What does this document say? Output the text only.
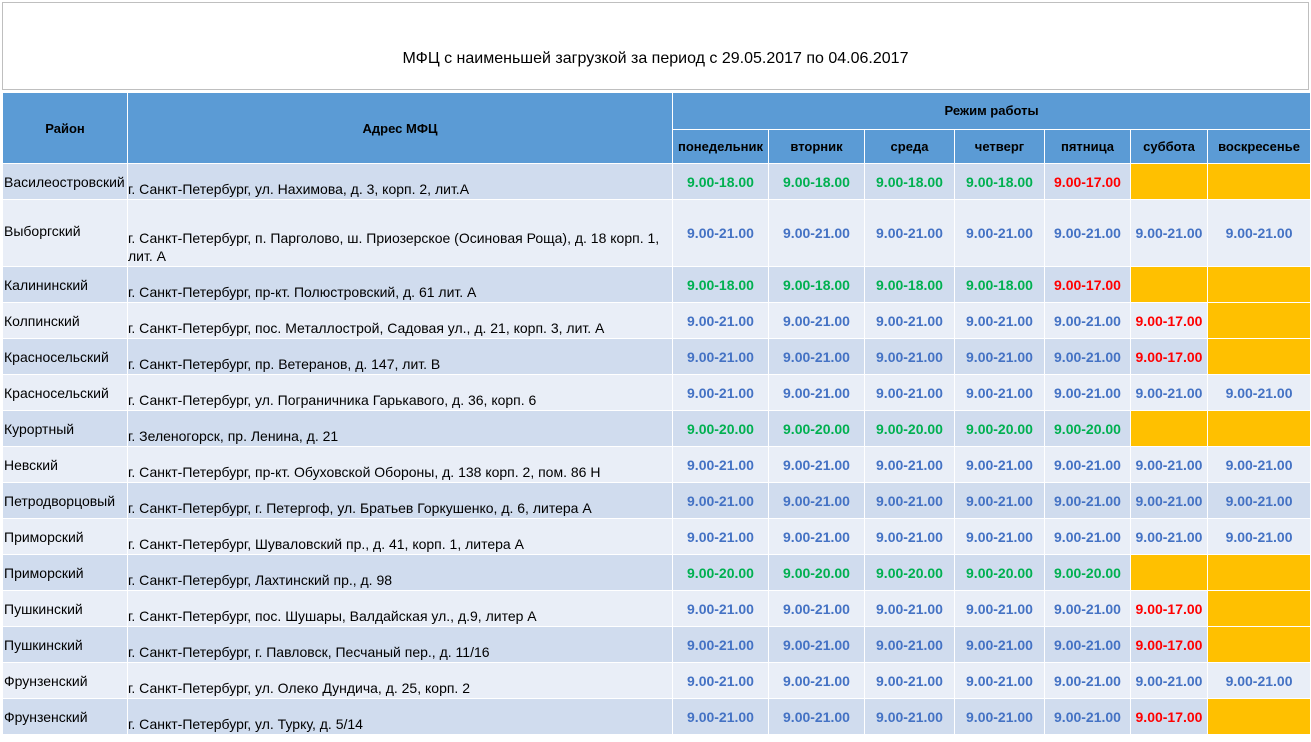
МФЦ с наименьшей загрузкой за период с 29.05.2017 по 04.06.2017
Район	Адрес МФЦ	Режим работы						
		понедельник	вторник	среда	четверг	пятница	суббота	воскресенье
Василеостровский	г. Санкт-Петербург, ул. Нахимова, д. 3, корп. 2, лит.А	9.00-18.00	9.00-18.00	9.00-18.00	9.00-18.00	9.00-17.00		
Выборгский	г. Санкт-Петербург, п. Парголово, ш. Приозерское (Осиновая Роща), д. 18 корп. 1, лит. А	9.00-21.00	9.00-21.00	9.00-21.00	9.00-21.00	9.00-21.00	9.00-21.00	9.00-21.00
Калининский	г. Санкт-Петербург, пр-кт. Полюстровский, д. 61 лит. А	9.00-18.00	9.00-18.00	9.00-18.00	9.00-18.00	9.00-17.00		
Колпинский	г. Санкт-Петербург, пос. Металлострой, Садовая ул., д. 21, корп. 3, лит. А	9.00-21.00	9.00-21.00	9.00-21.00	9.00-21.00	9.00-21.00	9.00-17.00	
Красносельский	г. Санкт-Петербург, пр. Ветеранов, д. 147, лит. В	9.00-21.00	9.00-21.00	9.00-21.00	9.00-21.00	9.00-21.00	9.00-17.00	
Красносельский	г. Санкт-Петербург, ул. Пограничника Гарькавого, д. 36, корп. 6	9.00-21.00	9.00-21.00	9.00-21.00	9.00-21.00	9.00-21.00	9.00-21.00	9.00-21.00
Курортный	г. Зеленогорск, пр. Ленина, д. 21	9.00-20.00	9.00-20.00	9.00-20.00	9.00-20.00	9.00-20.00		
Невский	г. Санкт-Петербург, пр-кт. Обуховской Обороны, д. 138 корп. 2, пом. 86 Н	9.00-21.00	9.00-21.00	9.00-21.00	9.00-21.00	9.00-21.00	9.00-21.00	9.00-21.00
Петродворцовый	г. Санкт-Петербург, г. Петергоф, ул. Братьев Горкушенко, д. 6, литера А	9.00-21.00	9.00-21.00	9.00-21.00	9.00-21.00	9.00-21.00	9.00-21.00	9.00-21.00
Приморский	г. Санкт-Петербург, Шуваловский пр., д. 41, корп. 1, литера А	9.00-21.00	9.00-21.00	9.00-21.00	9.00-21.00	9.00-21.00	9.00-21.00	9.00-21.00
Приморский	г. Санкт-Петербург, Лахтинский пр., д. 98	9.00-20.00	9.00-20.00	9.00-20.00	9.00-20.00	9.00-20.00		
Пушкинский	г. Санкт-Петербург, пос. Шушары, Валдайская ул., д.9, литер А	9.00-21.00	9.00-21.00	9.00-21.00	9.00-21.00	9.00-21.00	9.00-17.00	
Пушкинский	г. Санкт-Петербург, г. Павловск, Песчаный пер., д. 11/16	9.00-21.00	9.00-21.00	9.00-21.00	9.00-21.00	9.00-21.00	9.00-17.00	
Фрунзенский	г. Санкт-Петербург, ул. Олеко Дундича, д. 25, корп. 2	9.00-21.00	9.00-21.00	9.00-21.00	9.00-21.00	9.00-21.00	9.00-21.00	9.00-21.00
Фрунзенский	г. Санкт-Петербург, ул. Турку, д. 5/14	9.00-21.00	9.00-21.00	9.00-21.00	9.00-21.00	9.00-21.00	9.00-17.00	
